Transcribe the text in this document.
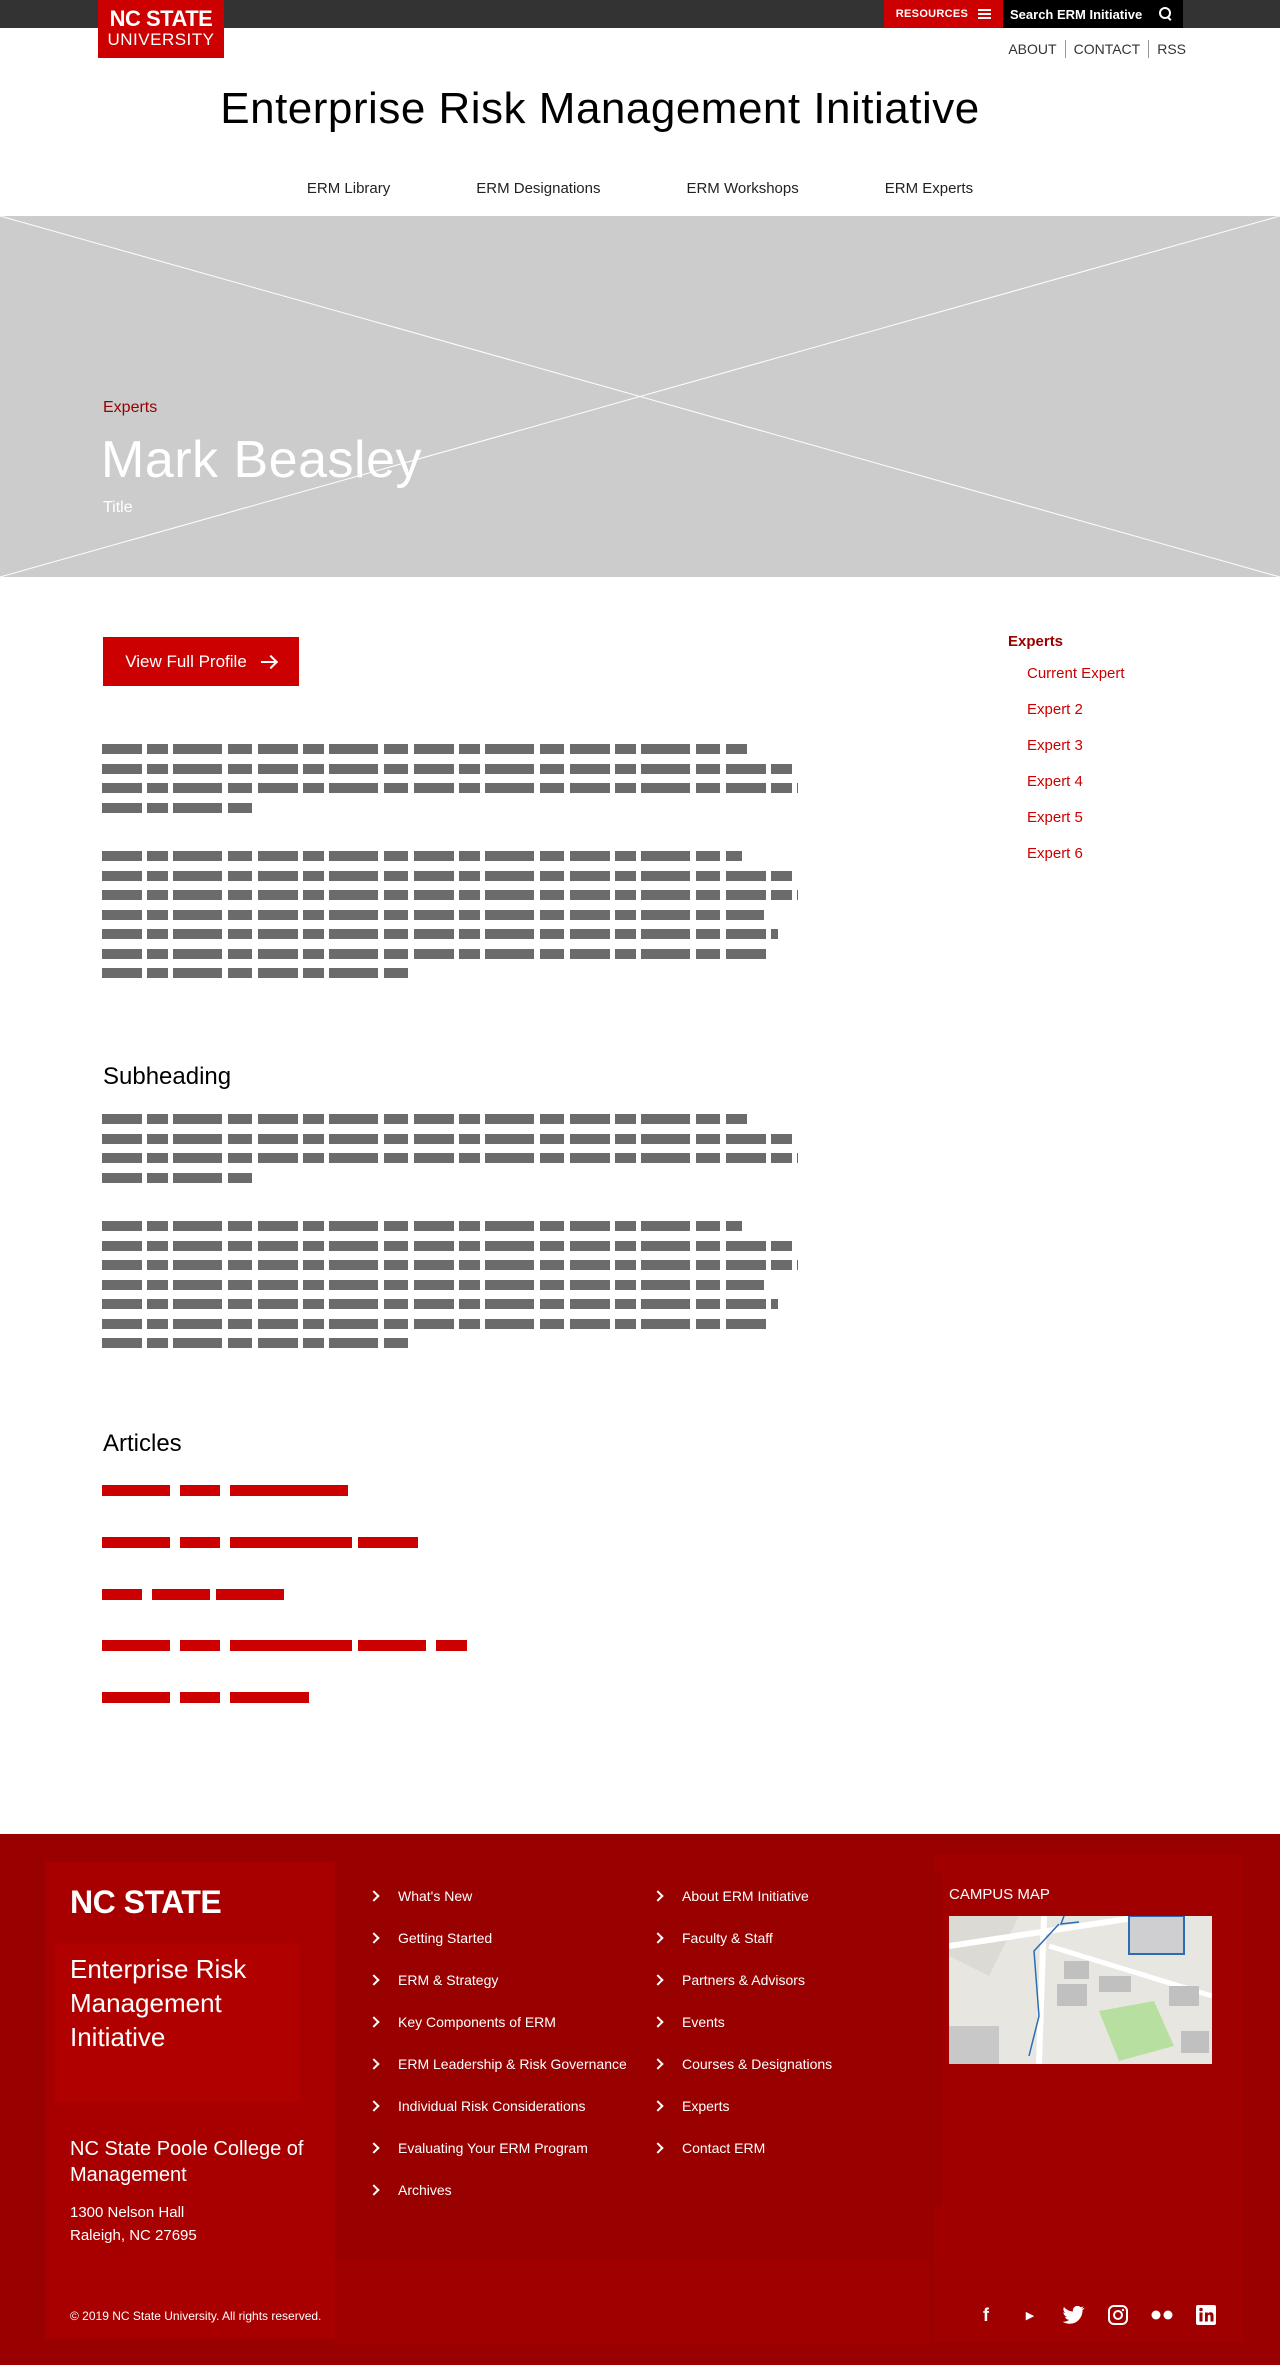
NC STATE
UNIVERSITY
RESOURCES	Search ERM Initiative
ABOUT	CONTACT	RSS
Enterprise Risk Management Initiative
ERM Library	ERM Designations	ERM Workshops	ERM Experts
Experts
Mark Beasley
Title
View Full Profile
Subheading
Articles
Experts
Current Expert
Expert 2
Expert 3
Expert 4
Expert 5
Expert 6
NC STATE
Enterprise Risk Management Initiative
NC State Poole College of Management
1300 Nelson Hall
Raleigh, NC 27695
© 2019 NC State University. All rights reserved.
What's New
Getting Started
ERM & Strategy
Key Components of ERM
ERM Leadership & Risk Governance
Individual Risk Considerations
Evaluating Your ERM Program
Archives
About ERM Initiative
Faculty & Staff
Partners & Advisors
Events
Courses & Designations
Experts
Contact ERM
CAMPUS MAP
f	▶
